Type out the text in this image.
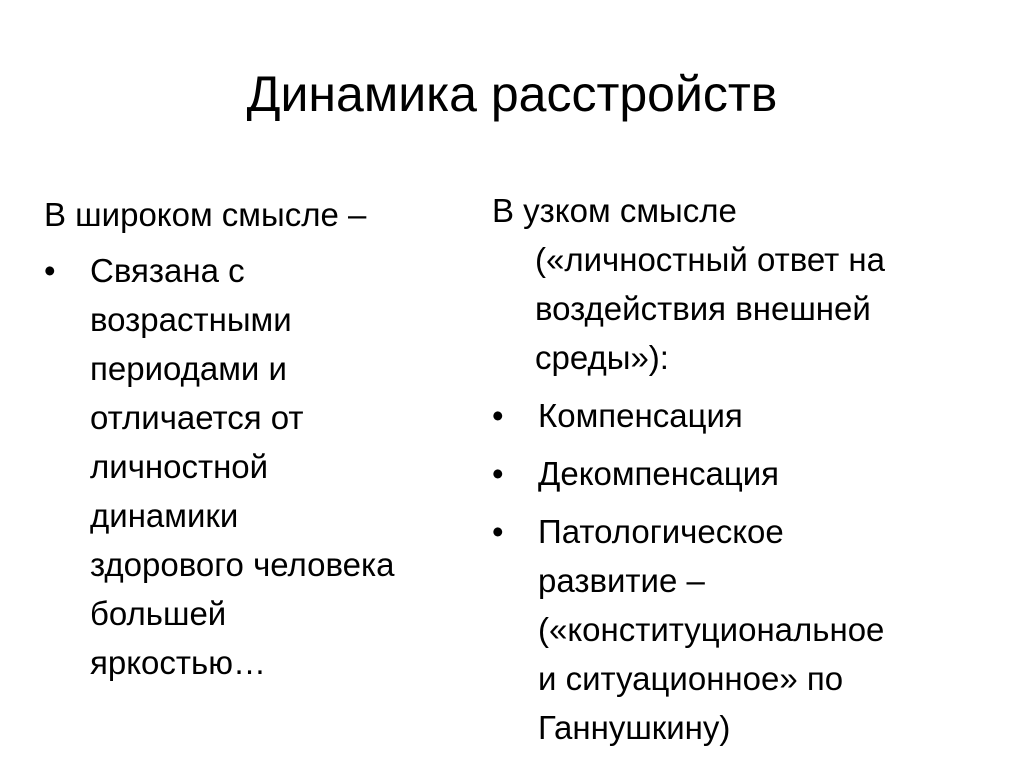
Динамика расстройств
В широком смысле –
•	Связана с
возрастными
периодами и
отличается от
личностной
динамики
здорового человека
большей
яркостью…
В узком смысле
(«личностный ответ на
воздействия внешней
среды»):
•	Компенсация
•	Декомпенсация
•	Патологическое
развитие –
(«конституциональное
и ситуационное» по
Ганнушкину)
